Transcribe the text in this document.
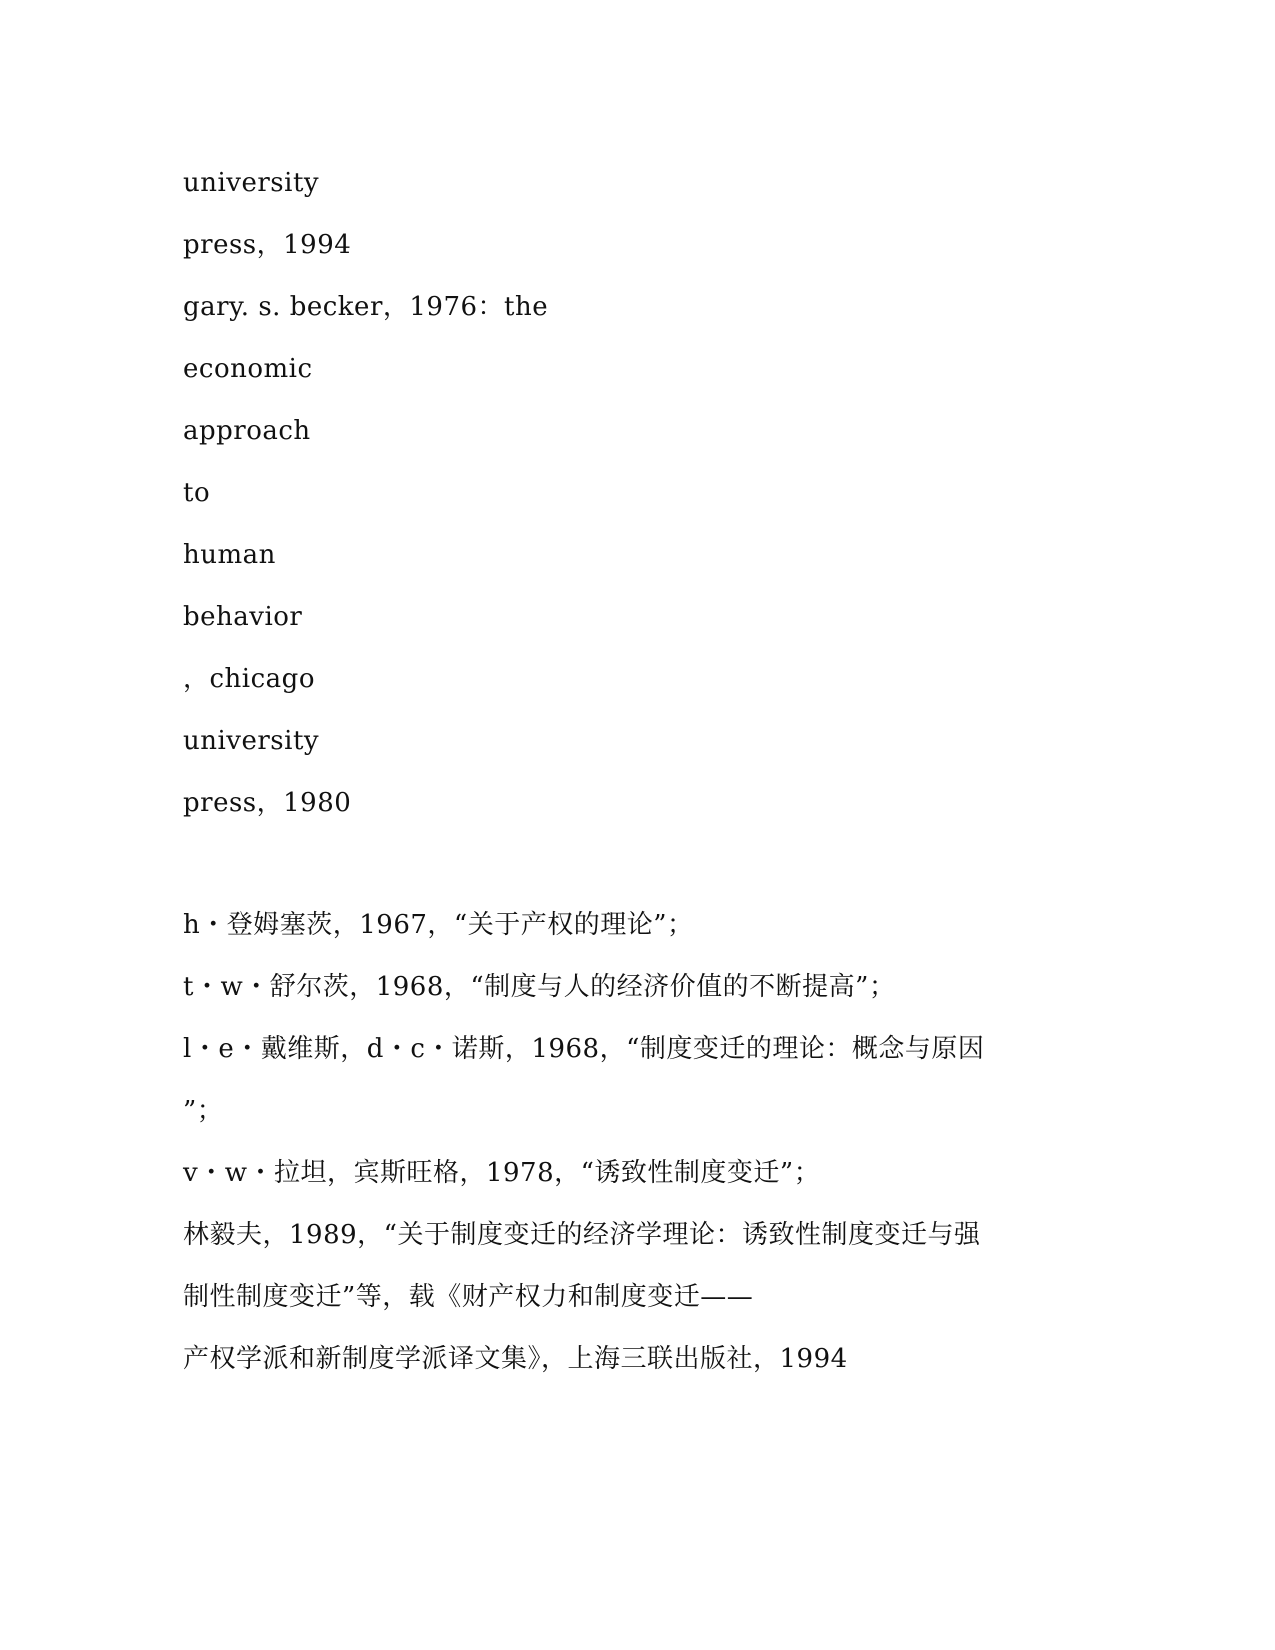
university
press，1994
gary. s. becker，1976：the
economic
approach
to
human
behavior
，chicago
university
press，1980
h・登姆塞茨，1967，“关于产权的理论”；
t・w・舒尔茨，1968，“制度与人的经济价值的不断提高”；
l・e・戴维斯，d・c・诺斯，1968，“制度变迁的理论：概念与原因
”；
v・w・拉坦，宾斯旺格，1978，“诱致性制度变迁”；
林毅夫，1989，“关于制度变迁的经济学理论：诱致性制度变迁与强
制性制度变迁”等，载《财产权力和制度变迁——
产权学派和新制度学派译文集》，上海三联出版社，1994
